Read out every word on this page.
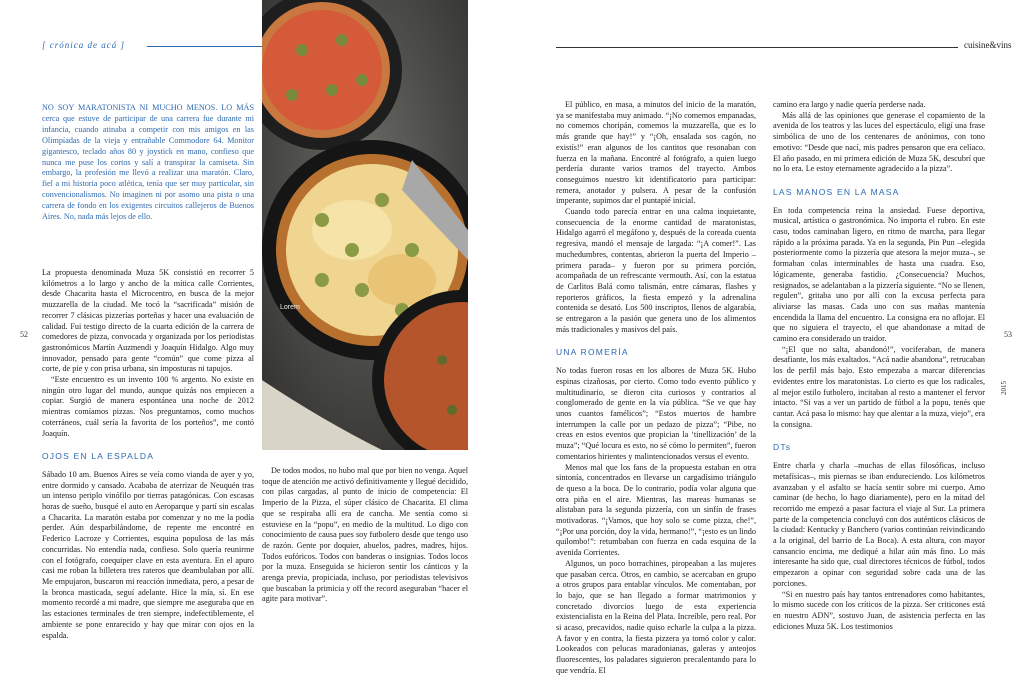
[ crónica de acá ]	cuisine&vins
52	53
2015
NO SOY MARATONISTA NI MUCHO MENOS. LO MÁS cerca que estuve de participar de una carrera fue durante mi infancia, cuando atinaba a competir con mis amigos en las Olimpíadas de la vieja y entrañable Commodore 64. Monitor gigantesco, teclado años 80 y joystick en mano, confieso que nunca me puse los cortos y salí a transpirar la camiseta. Sin embargo, la profesión me llevó a realizar una maratón. Claro, fiel a mi historia poco atlética, tenía que ser muy particular, sin convencionalismos. No imaginen ni por asomo una pista o una carrera de fondo en los exigentes circuitos callejeros de Buenos Aires. No, nada más lejos de ello.

La propuesta denominada Muza 5K consistió en recorrer 5 kilómetros a lo largo y ancho de la mítica calle Corrientes, desde Chacarita hasta el Microcentro, en busca de la mejor muzzarella de la ciudad. Me tocó la “sacrificada” misión de recorrer 7 clásicas pizzerías porteñas y hacer una evaluación de calidad. Fui testigo directo de la cuarta edición de la carrera de comedores de pizza, convocada y organizada por los periodistas gastronómicos Martín Auzmendi y Joaquín Hidalgo. Algo muy innovador, pensado para gente “común” que come pizza al corte, de pie y con prisa urbana, sin imposturas ni tapujos.

“Este encuentro es un invento 100 % argento. No existe en ningún otro lugar del mundo, aunque quizás nos empiecen a copiar. Surgió de manera espontánea una noche de 2012 mientras comíamos pizzas. Nos preguntamos, como muchos coterráneos, cuál sería la favorita de los porteños”, me contó Joaquín.

OJOS EN LA ESPALDA

Sábado 10 am. Buenos Aires se veía como vianda de ayer y yo, entre dormido y cansado. Acababa de aterrizar de Neuquén tras un intenso periplo vinófilo por tierras patagónicas. Con escasas horas de sueño, busqué el auto en Aeroparque y partí sin escalas a Chacarita. La maratón estaba por comenzar y no me la podía perder. Aún desparbilándome, de repente me encontré en Federico Lacroze y Corrientes, esquina populosa de las más concurridas. No entendía nada, confieso. Solo quería reunirme con el fotógrafo, coequiper clave en esta aventura. En el apuro casi me roban la billetera tres rateros que deambulaban por allí. Me empujaron, buscaron mi reacción inmediata, pero, a pesar de la bronca masticada, seguí adelante. Hice la mía, sí. En ese momento recordé a mi madre, que siempre me aseguraba que en las estaciones terminales de tren siempre, indefectiblemente, el ambiente se pone enrarecido y hay que mirar con ojos en la espalda.

Lorem

De todos modos, no hubo mal que por bien no venga. Aquel toque de atención me activó definitivamente y llegué decidido, con pilas cargadas, al punto de inicio de competencia: El Imperio de la Pizza, el súper clásico de Chacarita. El clima que se respiraba allí era de cancha. Me sentía como si estuviese en la “popu”, en medio de la multitud. Lo digo con conocimiento de causa pues soy futbolero desde que tengo uso de razón. Gente por doquier, abuelos, padres, madres, hijos. Todos eufóricos. Todos con banderas o insignias. Todos locos por la muza. Enseguida se hicieron sentir los cánticos y la arenga previa, propiciada, incluso, por periodistas televisivos que buscaban la primicia y off the record aseguraban “hacer el agite para motivar”.

El público, en masa, a minutos del inicio de la maratón, ya se manifestaba muy animado. “¡No comemos empanadas, no comemos choripán, comemos la muzzarella, que es lo más grande que hay!” y “¡Oh, ensalada sos cagón, no existís!” eran algunos de los cantitos que resonaban con fuerza en la mañana. Encontré al fotógrafo, a quien luego perdería durante varios tramos del trayecto. Ambos conseguimos nuestro kit identificatorio para participar: remera, anotador y pulsera. A pesar de la confusión imperante, supimos dar el puntapié inicial.

Cuando todo parecía entrar en una calma inquietante, consecuencia de la enorme cantidad de maratonistas, Hidalgo agarró el megáfono y, después de la coreada cuenta regresiva, mandó el mensaje de largada: “¡A comer!”. Las muchedumbres, contentas, abrieron la puerta del Imperio –primera parada– y fueron por su primera porción, acompañada de un refrescante vermouth. Así, con la estatua de Carlitos Balá como talismán, entre cámaras, flashes y reporteros gráficos, la fiesta empezó y la adrenalina contenida se desató. Los 500 inscriptos, llenos de algarabía, se entregaron a la pasión que genera uno de los alimentos más tradicionales y masivos del país.

UNA ROMERÍA

No todas fueron rosas en los albores de Muza 5K. Hubo espinas cizañosas, por cierto. Como todo evento público y multitudinario, se dieron cita curiosos y contrarios al conglomerado de gente en la vía pública. “Se ve que hay unos cuantos famélicos”; “Estos muertos de hambre interrumpen la calle por un pedazo de pizza”; “Pibe, no creas en estos eventos que propician la ‘tinellización’ de la muza”; “Qué locura es esto, no sé cómo lo permiten”, fueron comentarios hirientes y malintencionados versus el evento.

Menos mal que los fans de la propuesta estaban en otra sintonía, concentrados en llevarse un cargadísimo triángulo de queso a la boca. De lo contrario, podía volar alguna que otra piña en el aire. Mientras, las mareas humanas se alistaban para la segunda pizzería, con un sinfín de frases motivadoras. “¡Vamos, que hoy solo se come pizza, che!”, “¡Por una porción, doy la vida, hermano!”, “¡esto es un lindo quilombo!”: retumbaban con fuerza en cada esquina de la avenida Corrientes.

Algunos, un poco borrachines, piropeaban a las mujeres que pasaban cerca. Otros, en cambio, se acercaban en grupo a otros grupos para entablar vínculos. Me comentaban, por lo bajo, que se han llegado a formar matrimonios y concretado divorcios luego de esta experiencia existencialista en la Reina del Plata. Increíble, pero real. Por si acaso, precavidos, nadie quiso echarle la culpa a la pizza. A favor y en contra, la fiesta pizzera ya tomó color y calor. Lookeados con pelucas maradonianas, galeras y anteojos fluorescentes, los paladares siguieron precalentando para lo que vendría. El

camino era largo y nadie quería perderse nada.

Más allá de las opiniones que generase el copamiento de la avenida de los teatros y las luces del espectáculo, eligí una frase simbólica de uno de los centenares de anónimos, con tono emotivo: “Desde que nací, mis padres pensaron que era celíaco. El año pasado, en mi primera edición de Muza 5K, descubrí que no lo era. Le estoy eternamente agradecido a la pizza”.

LAS MANOS EN LA MASA

En toda competencia reina la ansiedad. Fuese deportiva, musical, artística o gastronómica. No importa el rubro. En este caso, todos caminaban ligero, en ritmo de marcha, para llegar rápido a la próxima parada. Ya en la segunda, Pin Pun –elegida posteriormente como la pizzería que atesora la mejor muza–, se formaban colas interminables de hasta una cuadra. Eso, lógicamente, generaba fastidio. ¿Consecuencia? Muchos, resignados, se adelantaban a la pizzería siguiente. “No se llenen, regulen”, gritaba uno por allí con la excusa perfecta para aliviarse las masas. Cada uno con sus mañas mantenía encendida la llama del encuentro. La consigna era no aflojar. El que no siguiera el trayecto, el que abandonase a mitad de camino era considerado un traidor.

“¡El que no salta, abandonó!”, vociferaban, de manera desafiante, los más exaltados. “Acá nadie abandona”, retrucaban los de perfil más bajo. Esto empezaba a marcar diferencias evidentes entre los maratonistas. Lo cierto es que los radicales, al mejor estilo futbolero, incitaban al resto a mantener el fervor intacto. “Si vas a ver un partido de fútbol a la popu, tenés que cantar. Acá pasa lo mismo: hay que alentar a la muza, viejo”, era la consigna.

DTs

Entre charla y charla –muchas de ellas filosóficas, incluso metafísicas–, mis piernas se iban endureciendo. Los kilómetros avanzaban y el asfalto se hacía sentir sobre mi cuerpo. Amo caminar (de hecho, lo hago diariamente), pero en la mitad del recorrido me empezó a pasar factura el viaje al Sur. La primera parte de la competencia concluyó con dos auténticos clásicos de la ciudad: Kentucky y Banchero (varios continúan reivindicando a la original, del barrio de La Boca). A esta altura, con mayor cansancio encima, me dediqué a hilar aún más fino. Lo más interesante ha sido que, cual directores técnicos de fútbol, todos empezaron a opinar con seguridad sobre cada una de las porciones.

“Si en nuestro país hay tantos entrenadores como habitantes, lo mismo sucede con los críticos de la pizza. Ser criticones está en nuestro ADN”, sostuvo Juan, de asistencia perfecta en las ediciones Muza 5K. Los testimonios
